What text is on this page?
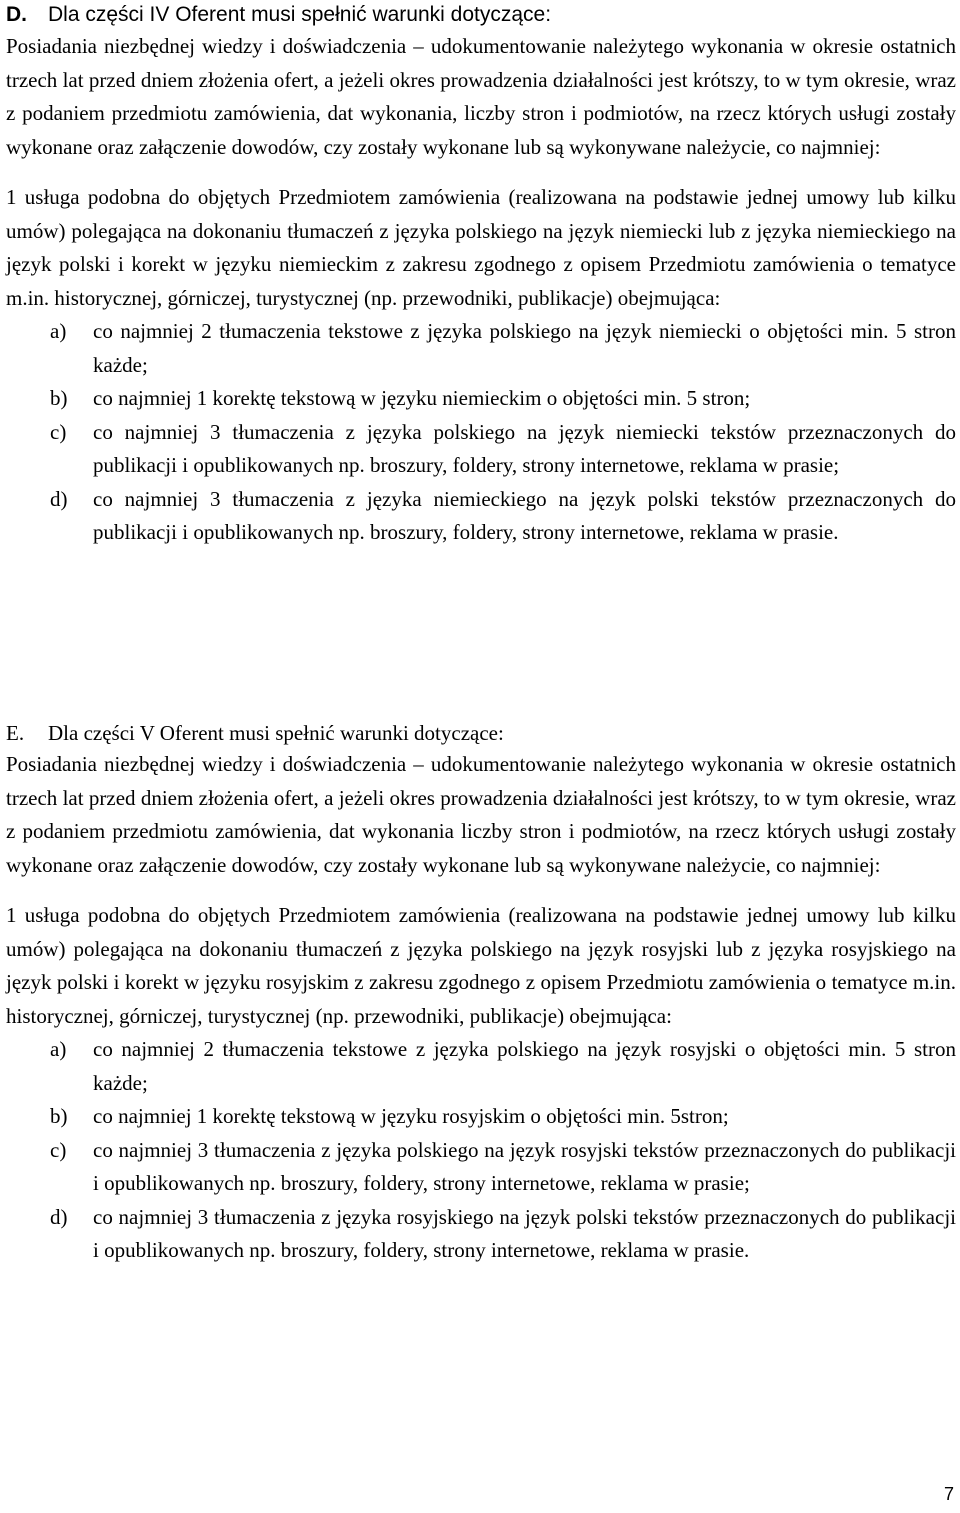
D. Dla części IV Oferent musi spełnić warunki dotyczące:

Posiadania niezbędnej wiedzy i doświadczenia – udokumentowanie należytego wykonania w okresie ostatnich trzech lat przed dniem złożenia ofert, a jeżeli okres prowadzenia działalności jest krótszy, to w tym okresie, wraz z podaniem przedmiotu zamówienia, dat wykonania, liczby stron i podmiotów, na rzecz których usługi zostały wykonane oraz załączenie dowodów, czy zostały wykonane lub są wykonywane należycie, co najmniej:

1 usługa podobna do objętych Przedmiotem zamówienia (realizowana na podstawie jednej umowy lub kilku umów) polegająca na dokonaniu tłumaczeń z języka polskiego na język niemiecki lub z języka niemieckiego na język polski i korekt w języku niemieckim z zakresu zgodnego z opisem Przedmiotu zamówienia o tematyce m.in. historycznej, górniczej, turystycznej (np. przewodniki, publikacje) obejmująca:

a) co najmniej 2 tłumaczenia tekstowe z języka polskiego na język niemiecki o objętości min. 5 stron każde;
b) co najmniej 1 korektę tekstową w języku niemieckim o objętości min. 5 stron;
c) co najmniej 3 tłumaczenia z języka polskiego na język niemiecki tekstów przeznaczonych do publikacji i opublikowanych np. broszury, foldery, strony internetowe, reklama w prasie;
d) co najmniej 3 tłumaczenia z języka niemieckiego na język polski tekstów przeznaczonych do publikacji i opublikowanych np. broszury, foldery, strony internetowe, reklama w prasie.
E. Dla części V Oferent musi spełnić warunki dotyczące:

Posiadania niezbędnej wiedzy i doświadczenia – udokumentowanie należytego wykonania w okresie ostatnich trzech lat przed dniem złożenia ofert, a jeżeli okres prowadzenia działalności jest krótszy, to w tym okresie, wraz z podaniem przedmiotu zamówienia, dat wykonania liczby stron i podmiotów, na rzecz których usługi zostały wykonane oraz załączenie dowodów, czy zostały wykonane lub są wykonywane należycie, co najmniej:

1 usługa podobna do objętych Przedmiotem zamówienia (realizowana na podstawie jednej umowy lub kilku umów) polegająca na dokonaniu tłumaczeń z języka polskiego na język rosyjski lub z języka rosyjskiego na język polski i korekt w języku rosyjskim z zakresu zgodnego z opisem Przedmiotu zamówienia o tematyce m.in. historycznej, górniczej, turystycznej (np. przewodniki, publikacje) obejmująca:

a) co najmniej 2 tłumaczenia tekstowe z języka polskiego na język rosyjski o objętości min. 5 stron każde;
b) co najmniej 1 korektę tekstową w języku rosyjskim o objętości min. 5stron;
c) co najmniej 3 tłumaczenia z języka polskiego na język rosyjski tekstów przeznaczonych do publikacji i opublikowanych np. broszury, foldery, strony internetowe, reklama w prasie;
d) co najmniej 3 tłumaczenia z języka rosyjskiego na język polski tekstów przeznaczonych do publikacji i opublikowanych np. broszury, foldery, strony internetowe, reklama w prasie.
7
